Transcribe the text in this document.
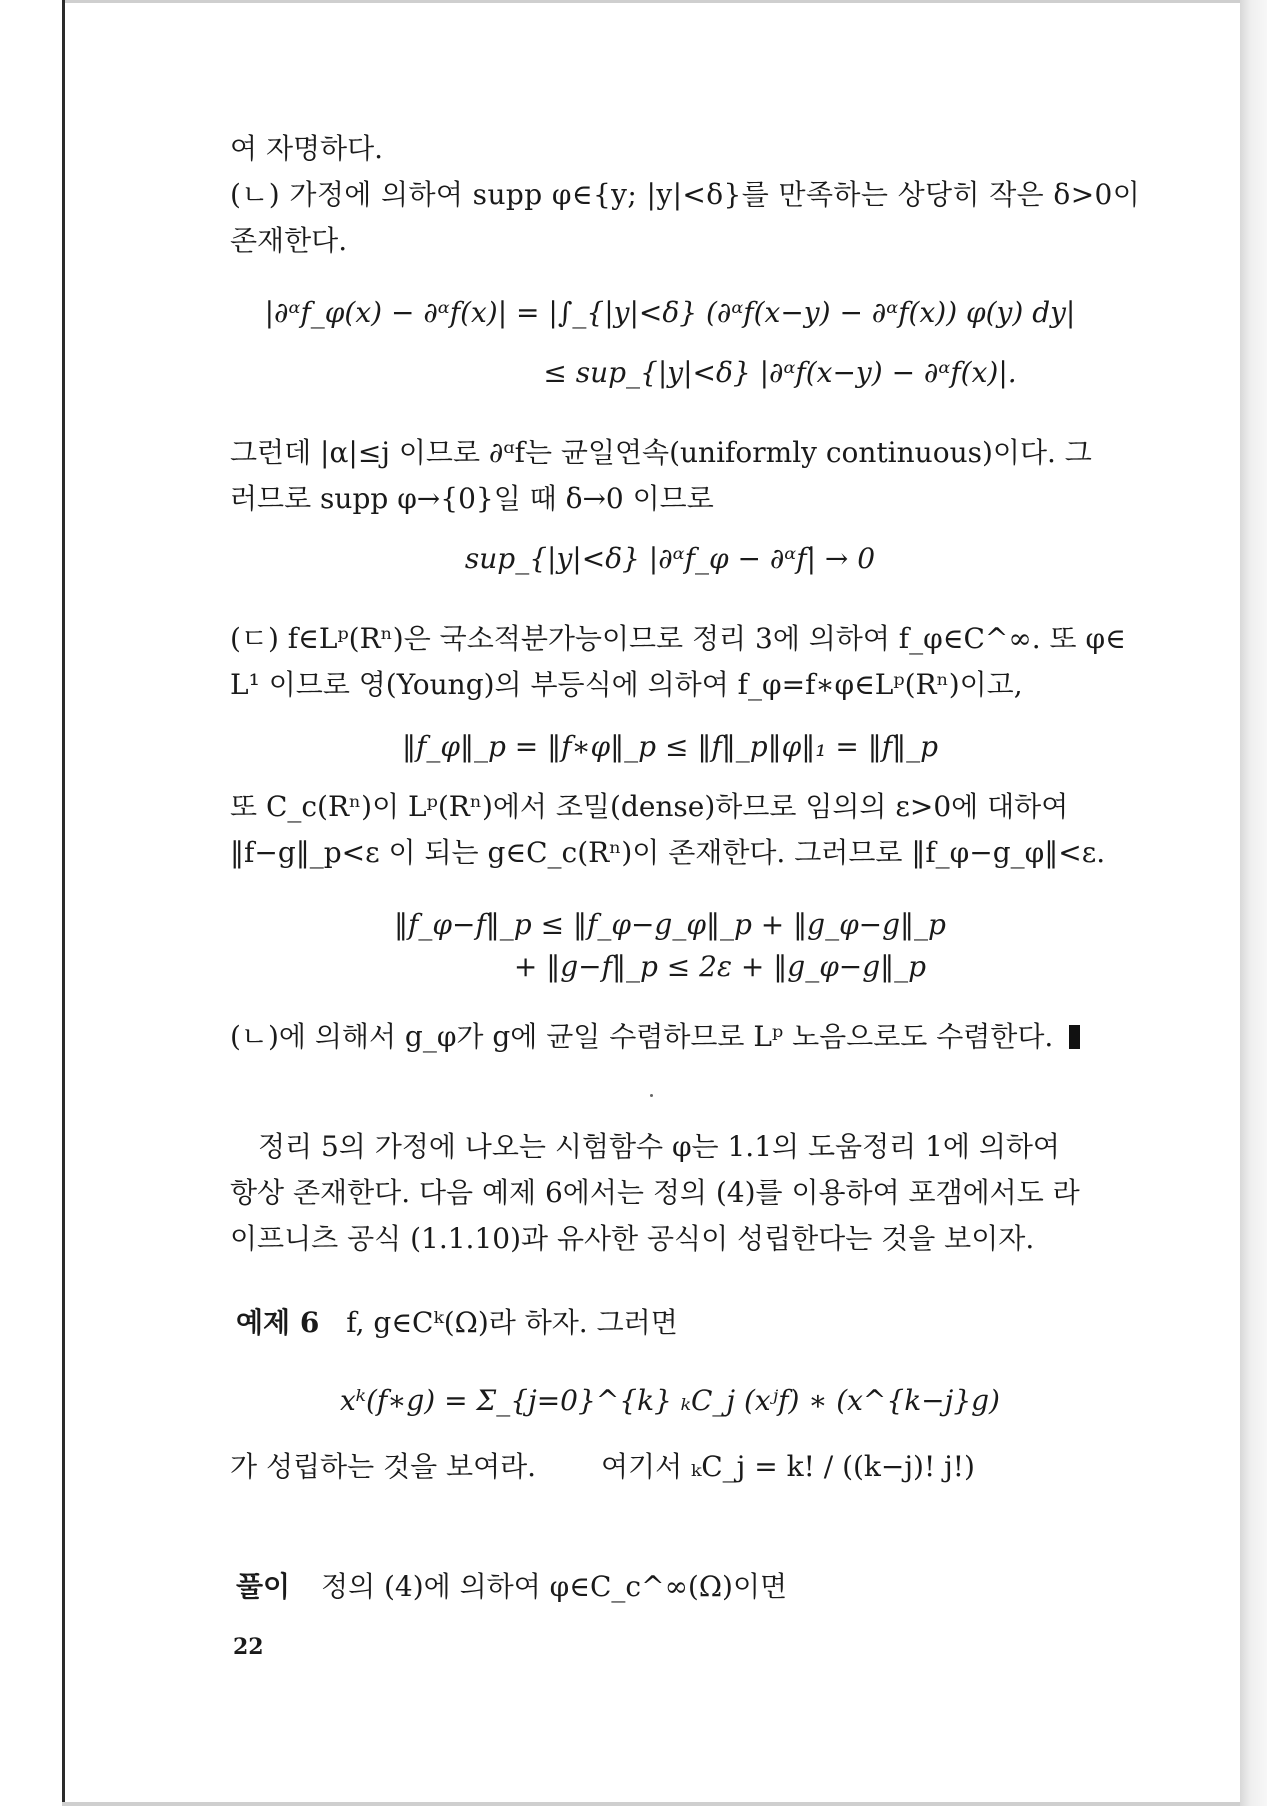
여 자명하다.
(ㄴ) 가정에 의하여 supp φ∈{y; |y|<δ}를 만족하는 상당히 작은 δ>0이
존재한다.
|∂ᵅf_φ(x) − ∂ᵅf(x)| = |∫_{|y|<δ} (∂ᵅf(x−y) − ∂ᵅf(x)) φ(y) dy|
≤ sup_{|y|<δ} |∂ᵅf(x−y) − ∂ᵅf(x)|.
그런데 |α|≤j 이므로 ∂ᵅf는 균일연속(uniformly continuous)이다. 그
러므로 supp φ→{0}일 때 δ→0 이므로
sup_{|y|<δ} |∂ᵅf_φ − ∂ᵅf| → 0
(ㄷ) f∈Lᵖ(Rⁿ)은 국소적분가능이므로 정리 3에 의하여 f_φ∈C^∞. 또 φ∈
L¹ 이므로 영(Young)의 부등식에 의하여 f_φ=f∗φ∈Lᵖ(Rⁿ)이고,
‖f_φ‖_p = ‖f∗φ‖_p ≤ ‖f‖_p‖φ‖₁ = ‖f‖_p
또 C_c(Rⁿ)이 Lᵖ(Rⁿ)에서 조밀(dense)하므로 임의의 ε>0에 대하여
‖f−g‖_p<ε 이 되는 g∈C_c(Rⁿ)이 존재한다. 그러므로 ‖f_φ−g_φ‖<ε.
‖f_φ−f‖_p ≤ ‖f_φ−g_φ‖_p + ‖g_φ−g‖_p
+ ‖g−f‖_p ≤ 2ε + ‖g_φ−g‖_p
(ㄴ)에 의해서 g_φ가 g에 균일 수렴하므로 Lᵖ 노음으로도 수렴한다.
정리 5의 가정에 나오는 시험함수 φ는 1.1의 도움정리 1에 의하여
항상 존재한다. 다음 예제 6에서는 정의 (4)를 이용하여 포갬에서도 라
이프니츠 공식 (1.1.10)과 유사한 공식이 성립한다는 것을 보이자.
예제 6 f, g∈Cᵏ(Ω)라 하자. 그러면
xᵏ(f∗g) = Σ_{j=0}^{k} ₖC_j (xʲf) ∗ (x^{k−j}g)
가 성립하는 것을 보여라. 여기서 ₖC_j = k! / ((k−j)! j!)
풀이 정의 (4)에 의하여 φ∈C_c^∞(Ω)이면
22
